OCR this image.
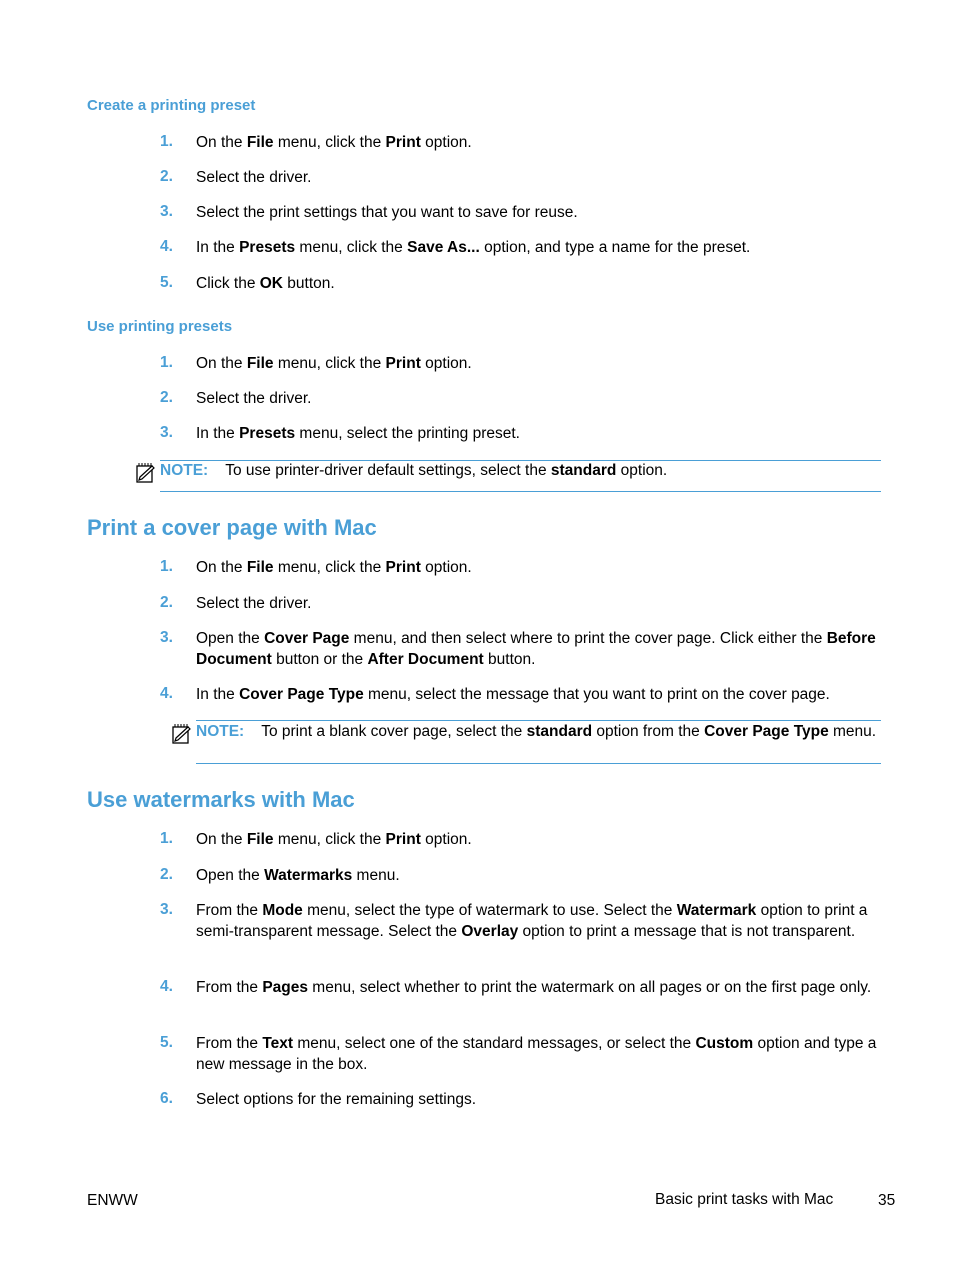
Create a printing preset
Use printing presets
NOTE: To use printer-driver default settings, select the standard option.
Print a cover page with Mac
NOTE: To print a blank cover page, select the standard option from the Cover Page Type menu.
Use watermarks with Mac
ENWW	Basic print tasks with Mac	35
1.	On the File menu, click the Print option.
2.	Select the driver.
3.	Select the print settings that you want to save for reuse.
4.	In the Presets menu, click the Save As... option, and type a name for the preset.
5.	Click the OK button.
1.	On the File menu, click the Print option.
2.	Select the driver.
3.	In the Presets menu, select the printing preset.
1.	On the File menu, click the Print option.
2.	Select the driver.
3.	Open the Cover Page menu, and then select where to print the cover page. Click either the Before Document button or the After Document button.
4.	In the Cover Page Type menu, select the message that you want to print on the cover page.
1.	On the File menu, click the Print option.
2.	Open the Watermarks menu.
3.	From the Mode menu, select the type of watermark to use. Select the Watermark option to print a semi-transparent message. Select the Overlay option to print a message that is not transparent.
4.	From the Pages menu, select whether to print the watermark on all pages or on the first page only.
5.	From the Text menu, select one of the standard messages, or select the Custom option and type a new message in the box.
6.	Select options for the remaining settings.
